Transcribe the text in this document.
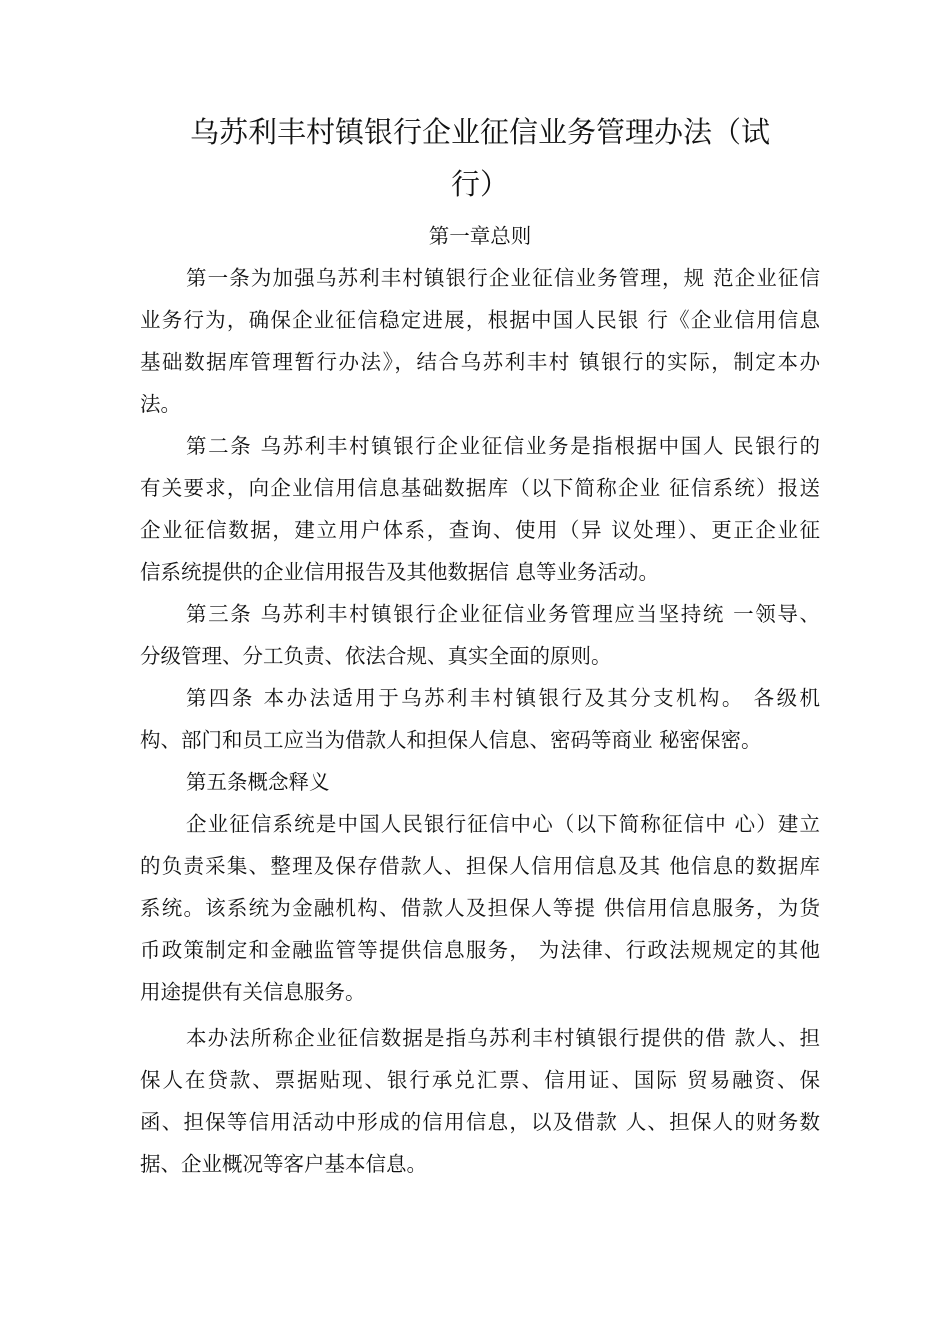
乌苏利丰村镇银行企业征信业务管理办法（试
行）
第一章总则
第一条为加强乌苏利丰村镇银行企业征信业务管理，规 范企业征信
业务行为，确保企业征信稳定进展，根据中国人民银 行《企业信用信息
基础数据库管理暂行办法》，结合乌苏利丰村 镇银行的实际，制定本办
法。
第二条 乌苏利丰村镇银行企业征信业务是指根据中国人 民银行的
有关要求，向企业信用信息基础数据库（以下简称企业 征信系统）报送
企业征信数据，建立用户体系，查询、使用（异 议处理）、更正企业征
信系统提供的企业信用报告及其他数据信 息等业务活动。
第三条 乌苏利丰村镇银行企业征信业务管理应当坚持统 一领导、
分级管理、分工负责、依法合规、真实全面的原则。
第四条 本办法适用于乌苏利丰村镇银行及其分支机构。 各级机
构、部门和员工应当为借款人和担保人信息、密码等商业 秘密保密。
第五条概念释义
企业征信系统是中国人民银行征信中心（以下简称征信中 心）建立
的负责采集、整理及保存借款人、担保人信用信息及其 他信息的数据库
系统。该系统为金融机构、借款人及担保人等提 供信用信息服务，为货
币政策制定和金融监管等提供信息服务， 为法律、行政法规规定的其他
用途提供有关信息服务。
本办法所称企业征信数据是指乌苏利丰村镇银行提供的借 款人、担
保人在贷款、票据贴现、银行承兑汇票、信用证、国际 贸易融资、保
函、担保等信用活动中形成的信用信息，以及借款 人、担保人的财务数
据、企业概况等客户基本信息。
